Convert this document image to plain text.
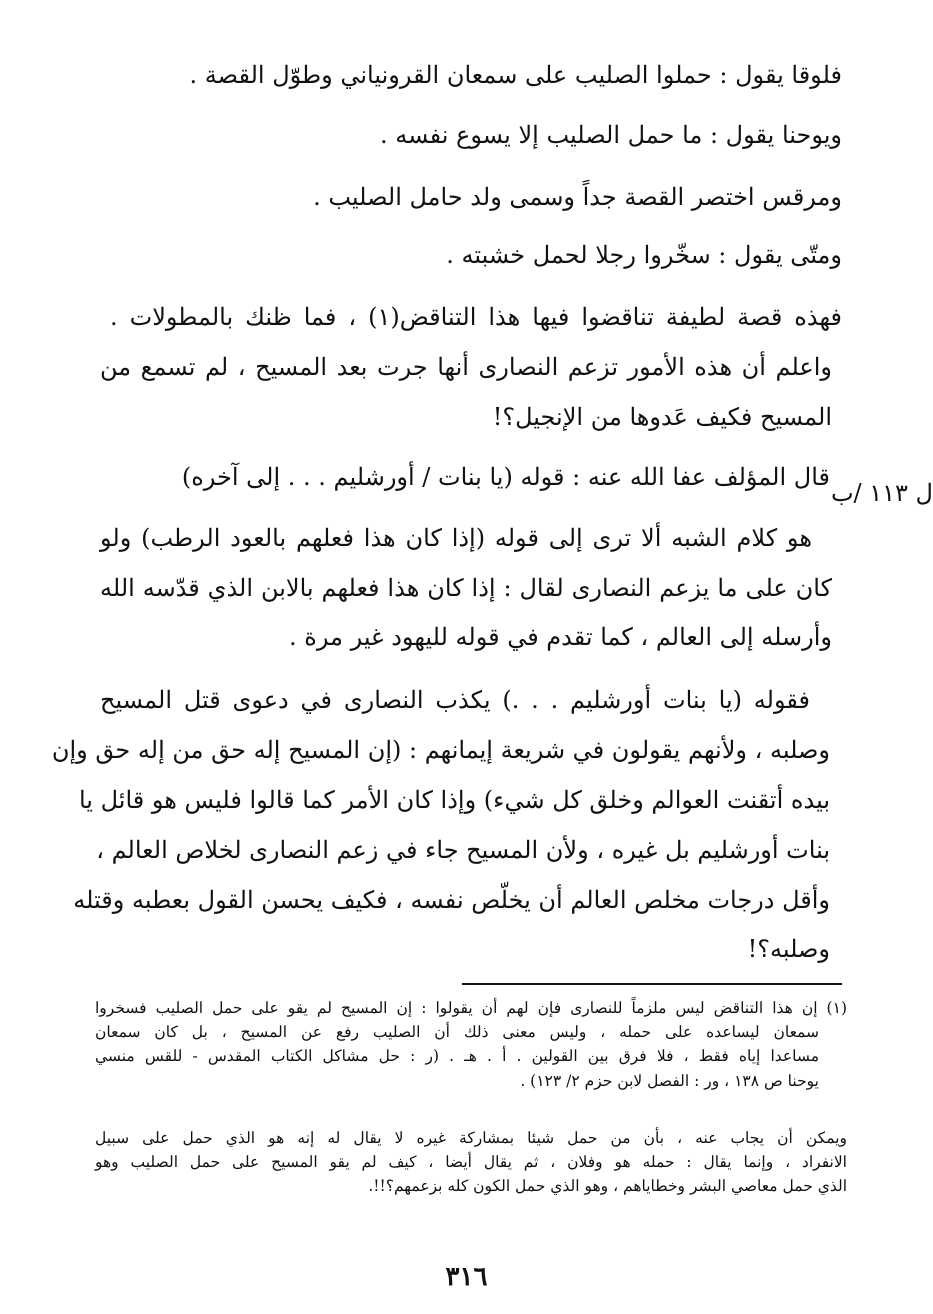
فلوقا يقول : حملوا الصليب على سمعان القرونياني وطوّل القصة .
ويوحنا يقول : ما حمل الصليب إلا يسوع نفسه .
ومرقس اختصر القصة جداً وسمى ولد حامل الصليب .
ومتّى يقول : سخّروا رجلا لحمل خشبته .
فهذه قصة لطيفة تناقضوا فيها هذا التناقض(١) ، فما ظنك بالمطولات .
واعلم أن هذه الأمور تزعم النصارى أنها جرت بعد المسيح ، لم تسمع من
المسيح فكيف عَدوها من الإنجيل؟!
قال المؤلف عفا الله عنه : قوله (يا بنات / أورشليم . . . إلى آخره)
هو كلام الشبه ألا ترى إلى قوله (إذا كان هذا فعلهم بالعود الرطب) ولو
كان على ما يزعم النصارى لقال : إذا كان هذا فعلهم بالابن الذي قدّسه الله
وأرسله إلى العالم ، كما تقدم في قوله لليهود غير مرة .
فقوله (يا بنات أورشليم . . .) يكذب النصارى في دعوى قتل المسيح
وصلبه ، ولأنهم يقولون في شريعة إيمانهم : (إن المسيح إله حق من إله حق وإن
بيده أتقنت العوالم وخلق كل شيء) وإذا كان الأمر كما قالوا فليس هو قائل يا
بنات أورشليم بل غيره ، ولأن المسيح جاء في زعم النصارى لخلاص العالم ،
وأقل درجات مخلص العالم أن يخلّص نفسه ، فكيف يحسن القول بعطبه وقتله
وصلبه؟!
ل ١١٣ /ب
(١) إن هذا التناقض ليس ملزماً للنصارى فإن لهم أن يقولوا : إن المسيح لم يقو على حمل الصليب فسخروا
سمعان ليساعده على حمله ، وليس معنى ذلك أن الصليب رفع عن المسيح ، بل كان سمعان
مساعدا إياه فقط ، فلا فرق بين القولين . أ . هـ . (ر : حل مشاكل الكتاب المقدس - للقس منسي
يوحنا ص ١٣٨ ، ور : الفصل لابن حزم ٢/ ١٢٣) .
ويمكن أن يجاب عنه ، بأن من حمل شيئا بمشاركة غيره لا يقال له إنه هو الذي حمل على سبيل
الانفراد ، وإنما يقال : حمله هو وفلان ، ثم يقال أيضا ، كيف لم يقو المسيح على حمل الصليب وهو
الذي حمل معاصي البشر وخطاياهم ، وهو الذي حمل الكون كله بزعمهم؟!!.
٣١٦
